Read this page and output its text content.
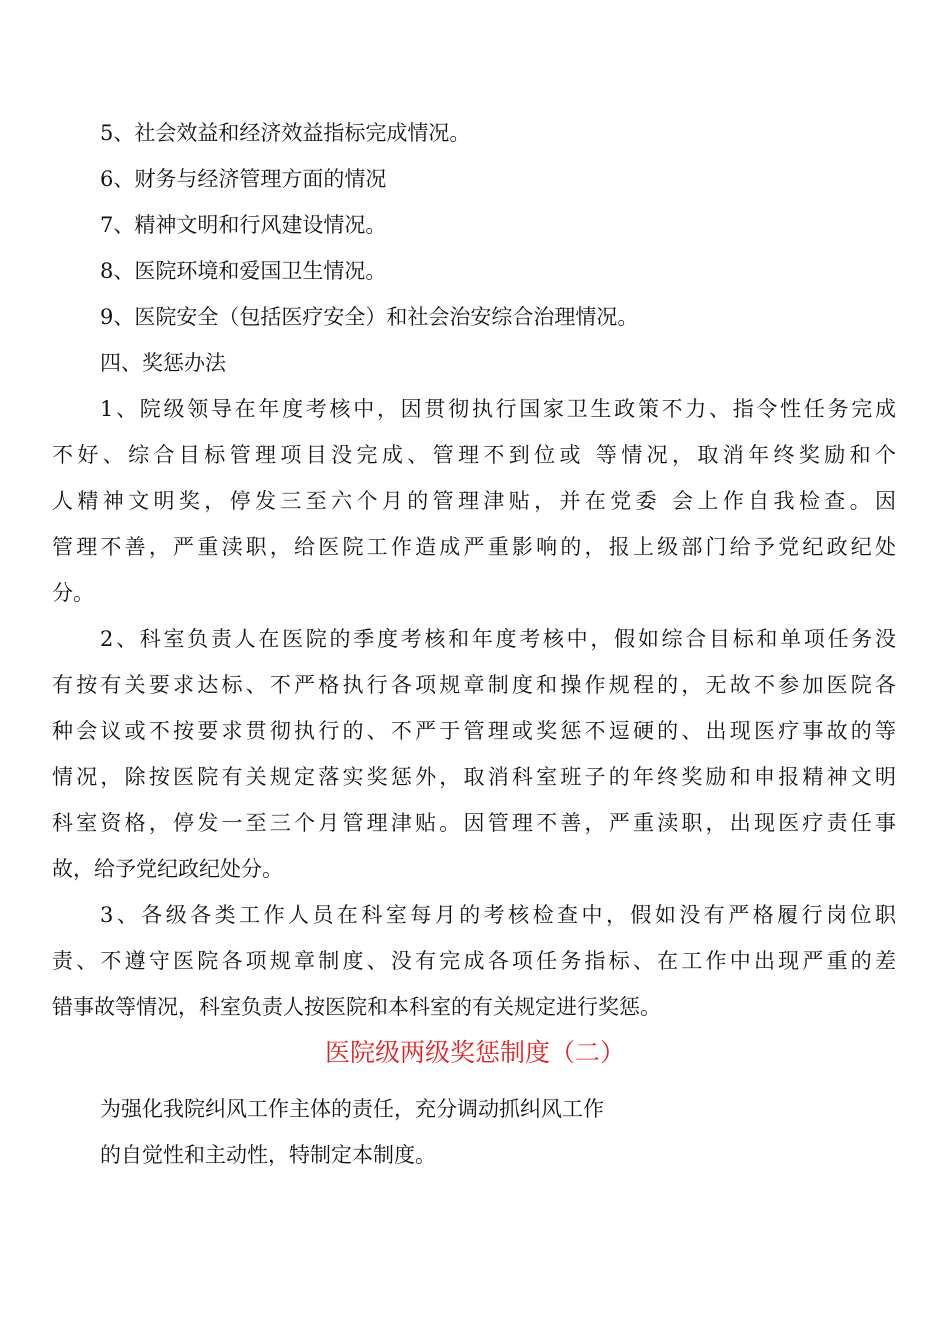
5、社会效益和经济效益指标完成情况。
6、财务与经济管理方面的情况
7、精神文明和行风建设情况。
8、医院环境和爱国卫生情况。
9、医院安全（包括医疗安全）和社会治安综合治理情况。
四、奖惩办法
1、院级领导在年度考核中，因贯彻执行国家卫生政策不力、指令性任务完成
不好、综合目标管理项目没完成、管理不到位或 等情况，取消年终奖励和个
人精神文明奖，停发三至六个月的管理津贴，并在党委 会上作自我检查。因
管理不善，严重渎职，给医院工作造成严重影响的，报上级部门给予党纪政纪处
分。
2、科室负责人在医院的季度考核和年度考核中，假如综合目标和单项任务没
有按有关要求达标、不严格执行各项规章制度和操作规程的，无故不参加医院各
种会议或不按要求贯彻执行的、不严于管理或奖惩不逗硬的、出现医疗事故的等
情况，除按医院有关规定落实奖惩外，取消科室班子的年终奖励和申报精神文明
科室资格，停发一至三个月管理津贴。因管理不善，严重渎职，出现医疗责任事
故，给予党纪政纪处分。
3、各级各类工作人员在科室每月的考核检查中，假如没有严格履行岗位职
责、不遵守医院各项规章制度、没有完成各项任务指标、在工作中出现严重的差
错事故等情况，科室负责人按医院和本科室的有关规定进行奖惩。
医院级两级奖惩制度（二）
为强化我院纠风工作主体的责任，充分调动抓纠风工作
的自觉性和主动性，特制定本制度。
